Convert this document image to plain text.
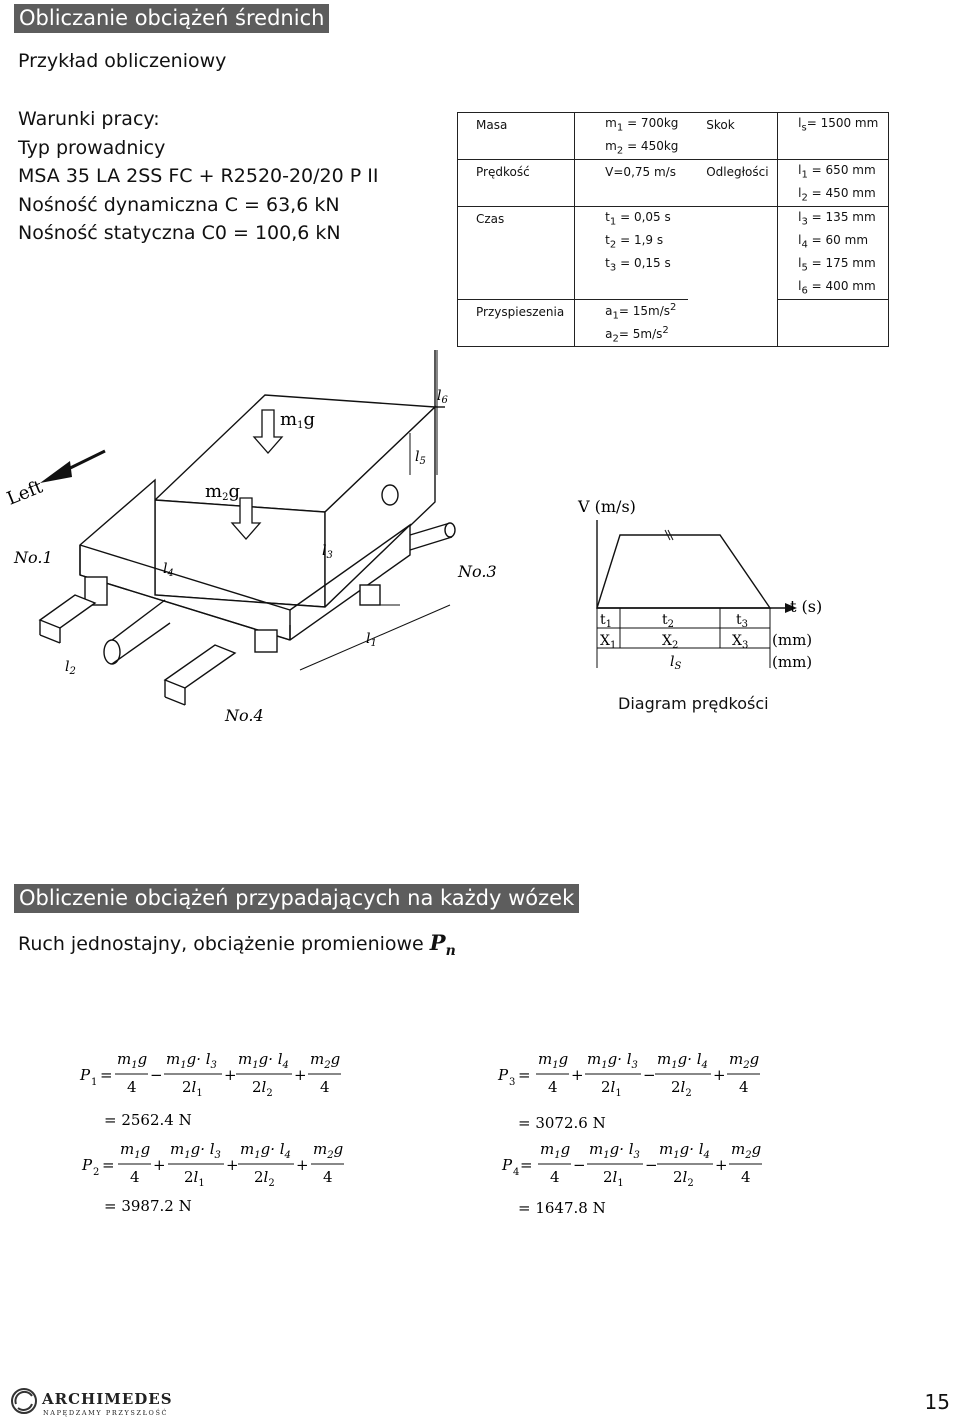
Obliczanie obciążeń średnich
Przykład obliczeniowy
Warunki pracy:
Typ prowadnicy
MSA 35 LA 2SS FC + R2520-20/20 P II
Nośność dynamiczna C = 63,6 kN
Nośność statyczna C0 = 100,6 kN
Masa	$m_1 = 700kg$	Skok	$l_s= 1500$ mm
	$m_2 = 450kg$		
Prędkość	V=0,75 m/s	Odległości	$l_1 = 650$ mm
			$l_2 = 450$ mm
Czas	$t_1 = 0,05$ s		$l_3 = 135$ mm
	$t_2 = 1,9$ s		$l_4 = 60$ mm
	$t_3 = 0,15$ s		$l_5 = 175$ mm
			$l_6 = 400$ mm
Przyspieszenia	$a_1= 15m/s^2$		
	$a_2= 5m/s^2$		
m1g
m2g
Left
No.1
No.3
No.4
$l_6$
$l_5$
$l_3$
$l_4$
$l_1$
$l_2$
V (m/s)
t (s)
$t_1$	$t_2$	$t_3$
$X_1$	$X_2$	$X_3$
$l_S$
(mm)
(mm)
Diagram prędkości
Obliczenie obciążeń przypadających na każdy wózek
Ruch jednostajny, obciążenie promieniowe $P_n$
P 1 =
$m_1g$
4
−
$m_1g\cdot l_3$
$2l_1$
+
$m_1g\cdot l_4$
$2l_2$
+
$m_2g$
4
= 2562.4 N
P 2 =
$m_1g$
4
+
$m_1g\cdot l_3$
$2l_1$
+
$m_1g\cdot l_4$
$2l_2$
+
$m_2g$
4
= 3987.2 N
P 3 =
$m_1g$
4
+
$m_1g\cdot l_3$
$2l_1$
−
$m_1g\cdot l_4$
$2l_2$
+
$m_2g$
4
= 3072.6 N
P 4 =
$m_1g$
4
−
$m_1g\cdot l_3$
$2l_1$
−
$m_1g\cdot l_4$
$2l_2$
+
$m_2g$
4
= 1647.8 N
ARCHIMEDES
NAPĘDZAMY PRZYSZŁOŚĆ	15
